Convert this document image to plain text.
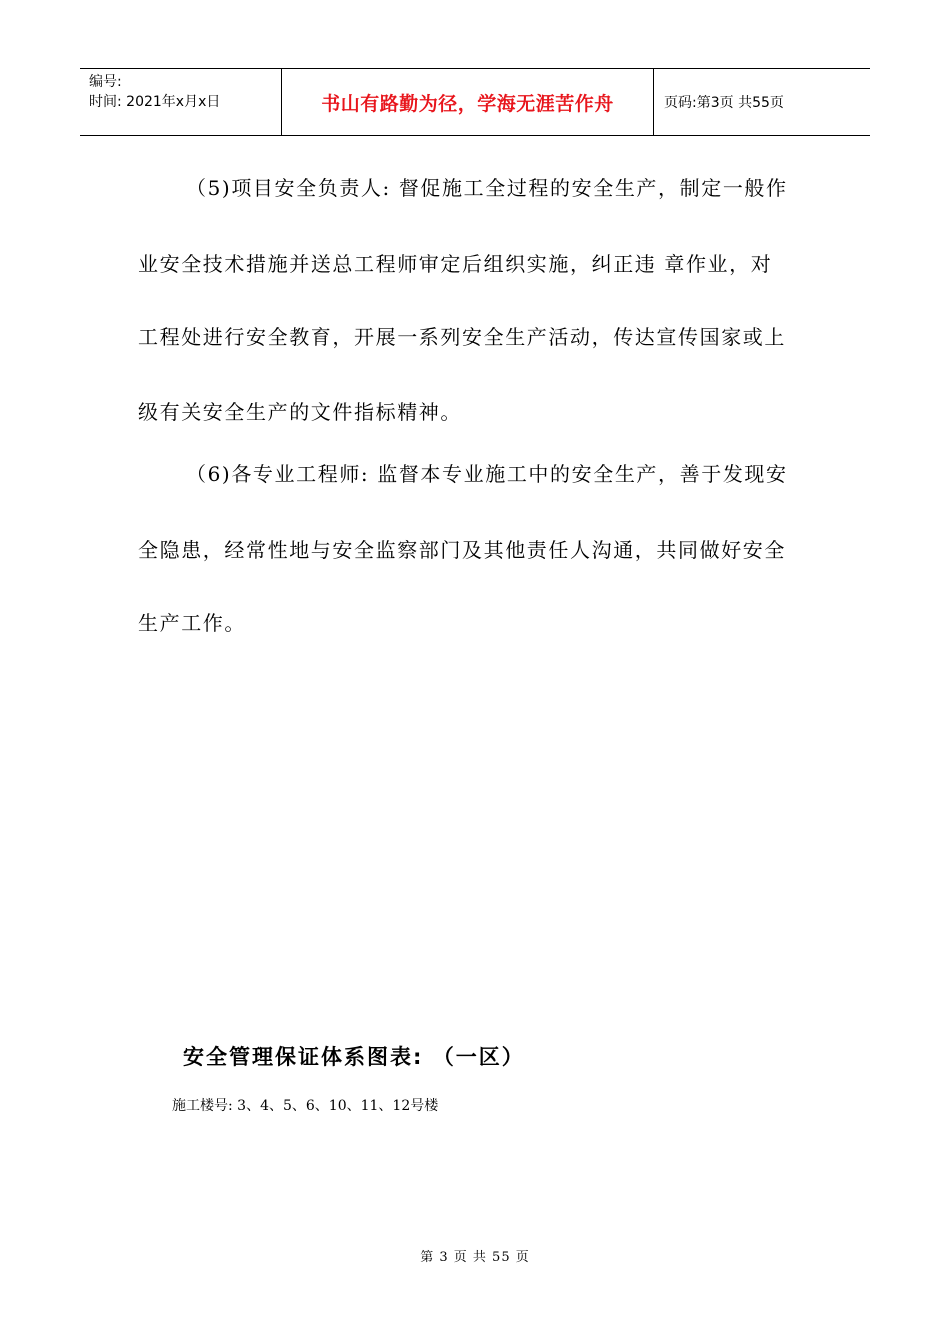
编号:
时间: 2021年x月x日	书山有路勤为径，学海无涯苦作舟	页码:第3页 共55页
（5)项目安全负责人: 督促施工全过程的安全生产，制定一般作
业安全技术措施并送总工程师审定后组织实施，纠正违 章作业，对
工程处进行安全教育，开展一系列安全生产活动，传达宣传国家或上
级有关安全生产的文件指标精神。
（6)各专业工程师: 监督本专业施工中的安全生产，善于发现安
全隐患，经常性地与安全监察部门及其他责任人沟通，共同做好安全
生产工作。
安全管理保证体系图表: （一区）
施工楼号: 3、4、5、6、10、11、12号楼
第 3 页 共 55 页
